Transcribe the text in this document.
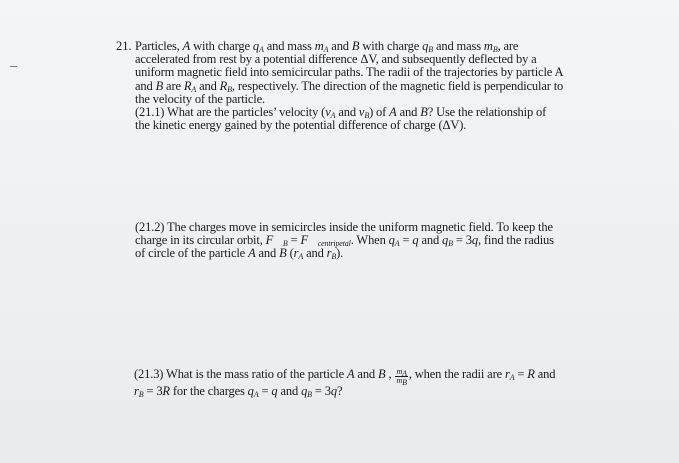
21. Particles, A with charge $q_A$ and mass $m_A$ and B with charge $q_B$ and mass $m_B$, are
accelerated from rest by a potential difference ΔV, and subsequently deflected by a
uniform magnetic field into semicircular paths. The radii of the trajectories by particle A
and B are $R_A$ and $R_B$, respectively. The direction of the magnetic field is perpendicular to
the velocity of the particle.
(21.1) What are the particles’ velocity ($v_A$ and $v_B$) of A and B? Use the relationship of
the kinetic energy gained by the potential difference of charge (ΔV).
(21.2) The charges move in semicircles inside the uniform magnetic field. To keep the
charge in its circular orbit, $F⃗_B$ = $F⃗_{centripetal}$. When $q_A = q$ and $q_B = 3q$, find the radius
of circle of the particle A and B ($r_A$ and $r_B$).
(21.3) What is the mass ratio of the particle A and B , $\frac{m_A}{m_B}$ , when the radii are $r_A = R$ and
$r_B = 3R$ for the charges $q_A = q$ and $q_B = 3q$?
